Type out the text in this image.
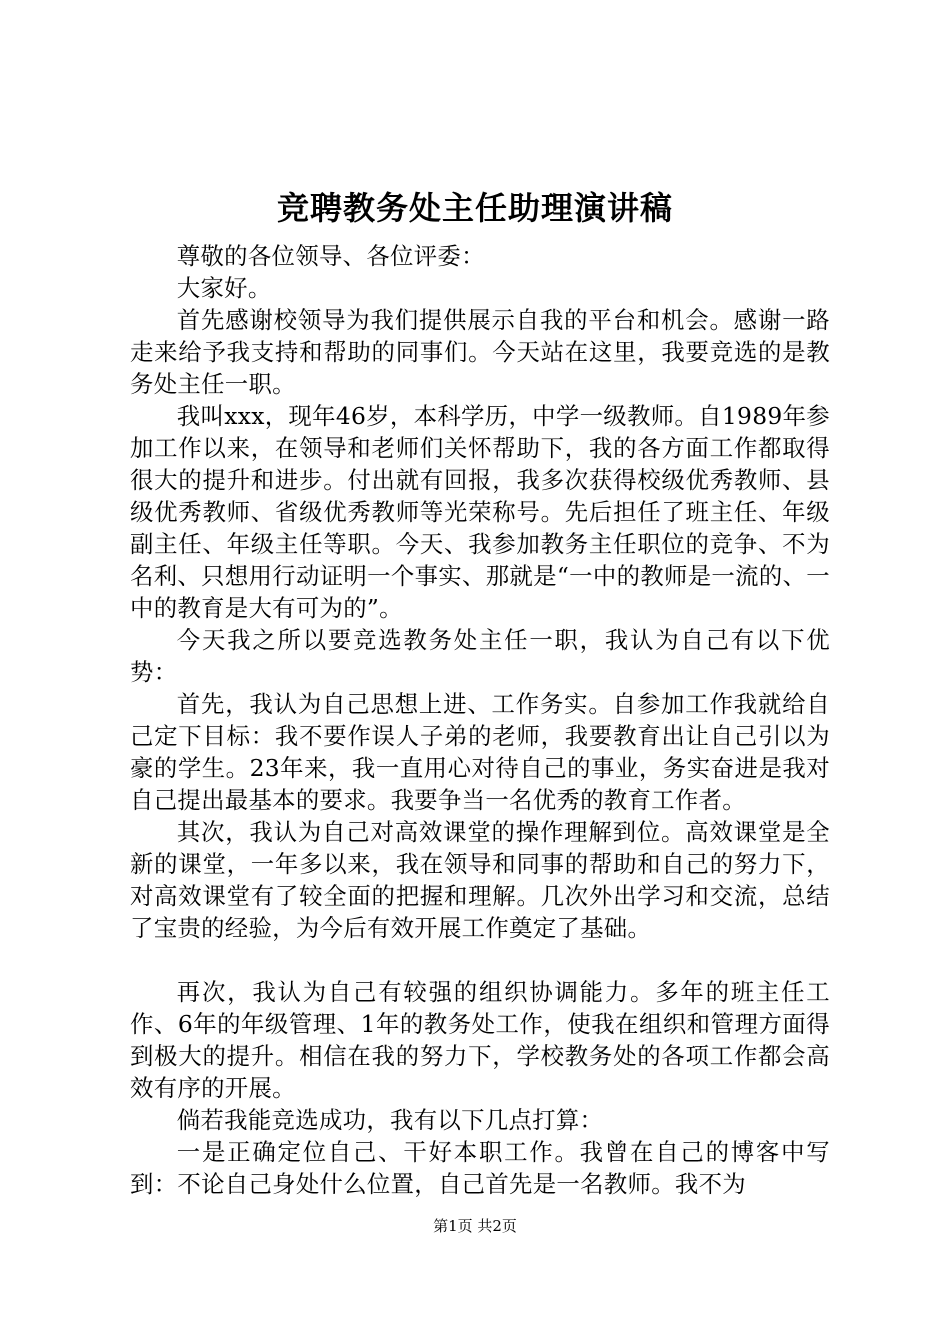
竞聘教务处主任助理演讲稿

尊敬的各位领导、各位评委：

大家好。

首先感谢校领导为我们提供展示自我的平台和机会。感谢一路走来给予我支持和帮助的同事们。今天站在这里，我要竞选的是教务处主任一职。

我叫xxx，现年46岁，本科学历，中学一级教师。自1989年参加工作以来，在领导和老师们关怀帮助下，我的各方面工作都取得很大的提升和进步。付出就有回报，我多次获得校级优秀教师、县级优秀教师、省级优秀教师等光荣称号。先后担任了班主任、年级副主任、年级主任等职。今天、我参加教务主任职位的竞争、不为名利、只想用行动证明一个事实、那就是“一中的教师是一流的、一中的教育是大有可为的”。

今天我之所以要竞选教务处主任一职，我认为自己有以下优势：

首先，我认为自己思想上进、工作务实。自参加工作我就给自己定下目标：我不要作误人子弟的老师，我要教育出让自己引以为豪的学生。23年来，我一直用心对待自己的事业，务实奋进是我对自己提出最基本的要求。我要争当一名优秀的教育工作者。

其次，我认为自己对高效课堂的操作理解到位。高效课堂是全新的课堂，一年多以来，我在领导和同事的帮助和自己的努力下，对高效课堂有了较全面的把握和理解。几次外出学习和交流，总结了宝贵的经验，为今后有效开展工作奠定了基础。

再次，我认为自己有较强的组织协调能力。多年的班主任工作、6年的年级管理、1年的教务处工作，使我在组织和管理方面得到极大的提升。相信在我的努力下，学校教务处的各项工作都会高效有序的开展。

倘若我能竞选成功，我有以下几点打算：

一是正确定位自己、干好本职工作。我曾在自己的博客中写到：不论自己身处什么位置，自己首先是一名教师。我不为

第1页 共2页
